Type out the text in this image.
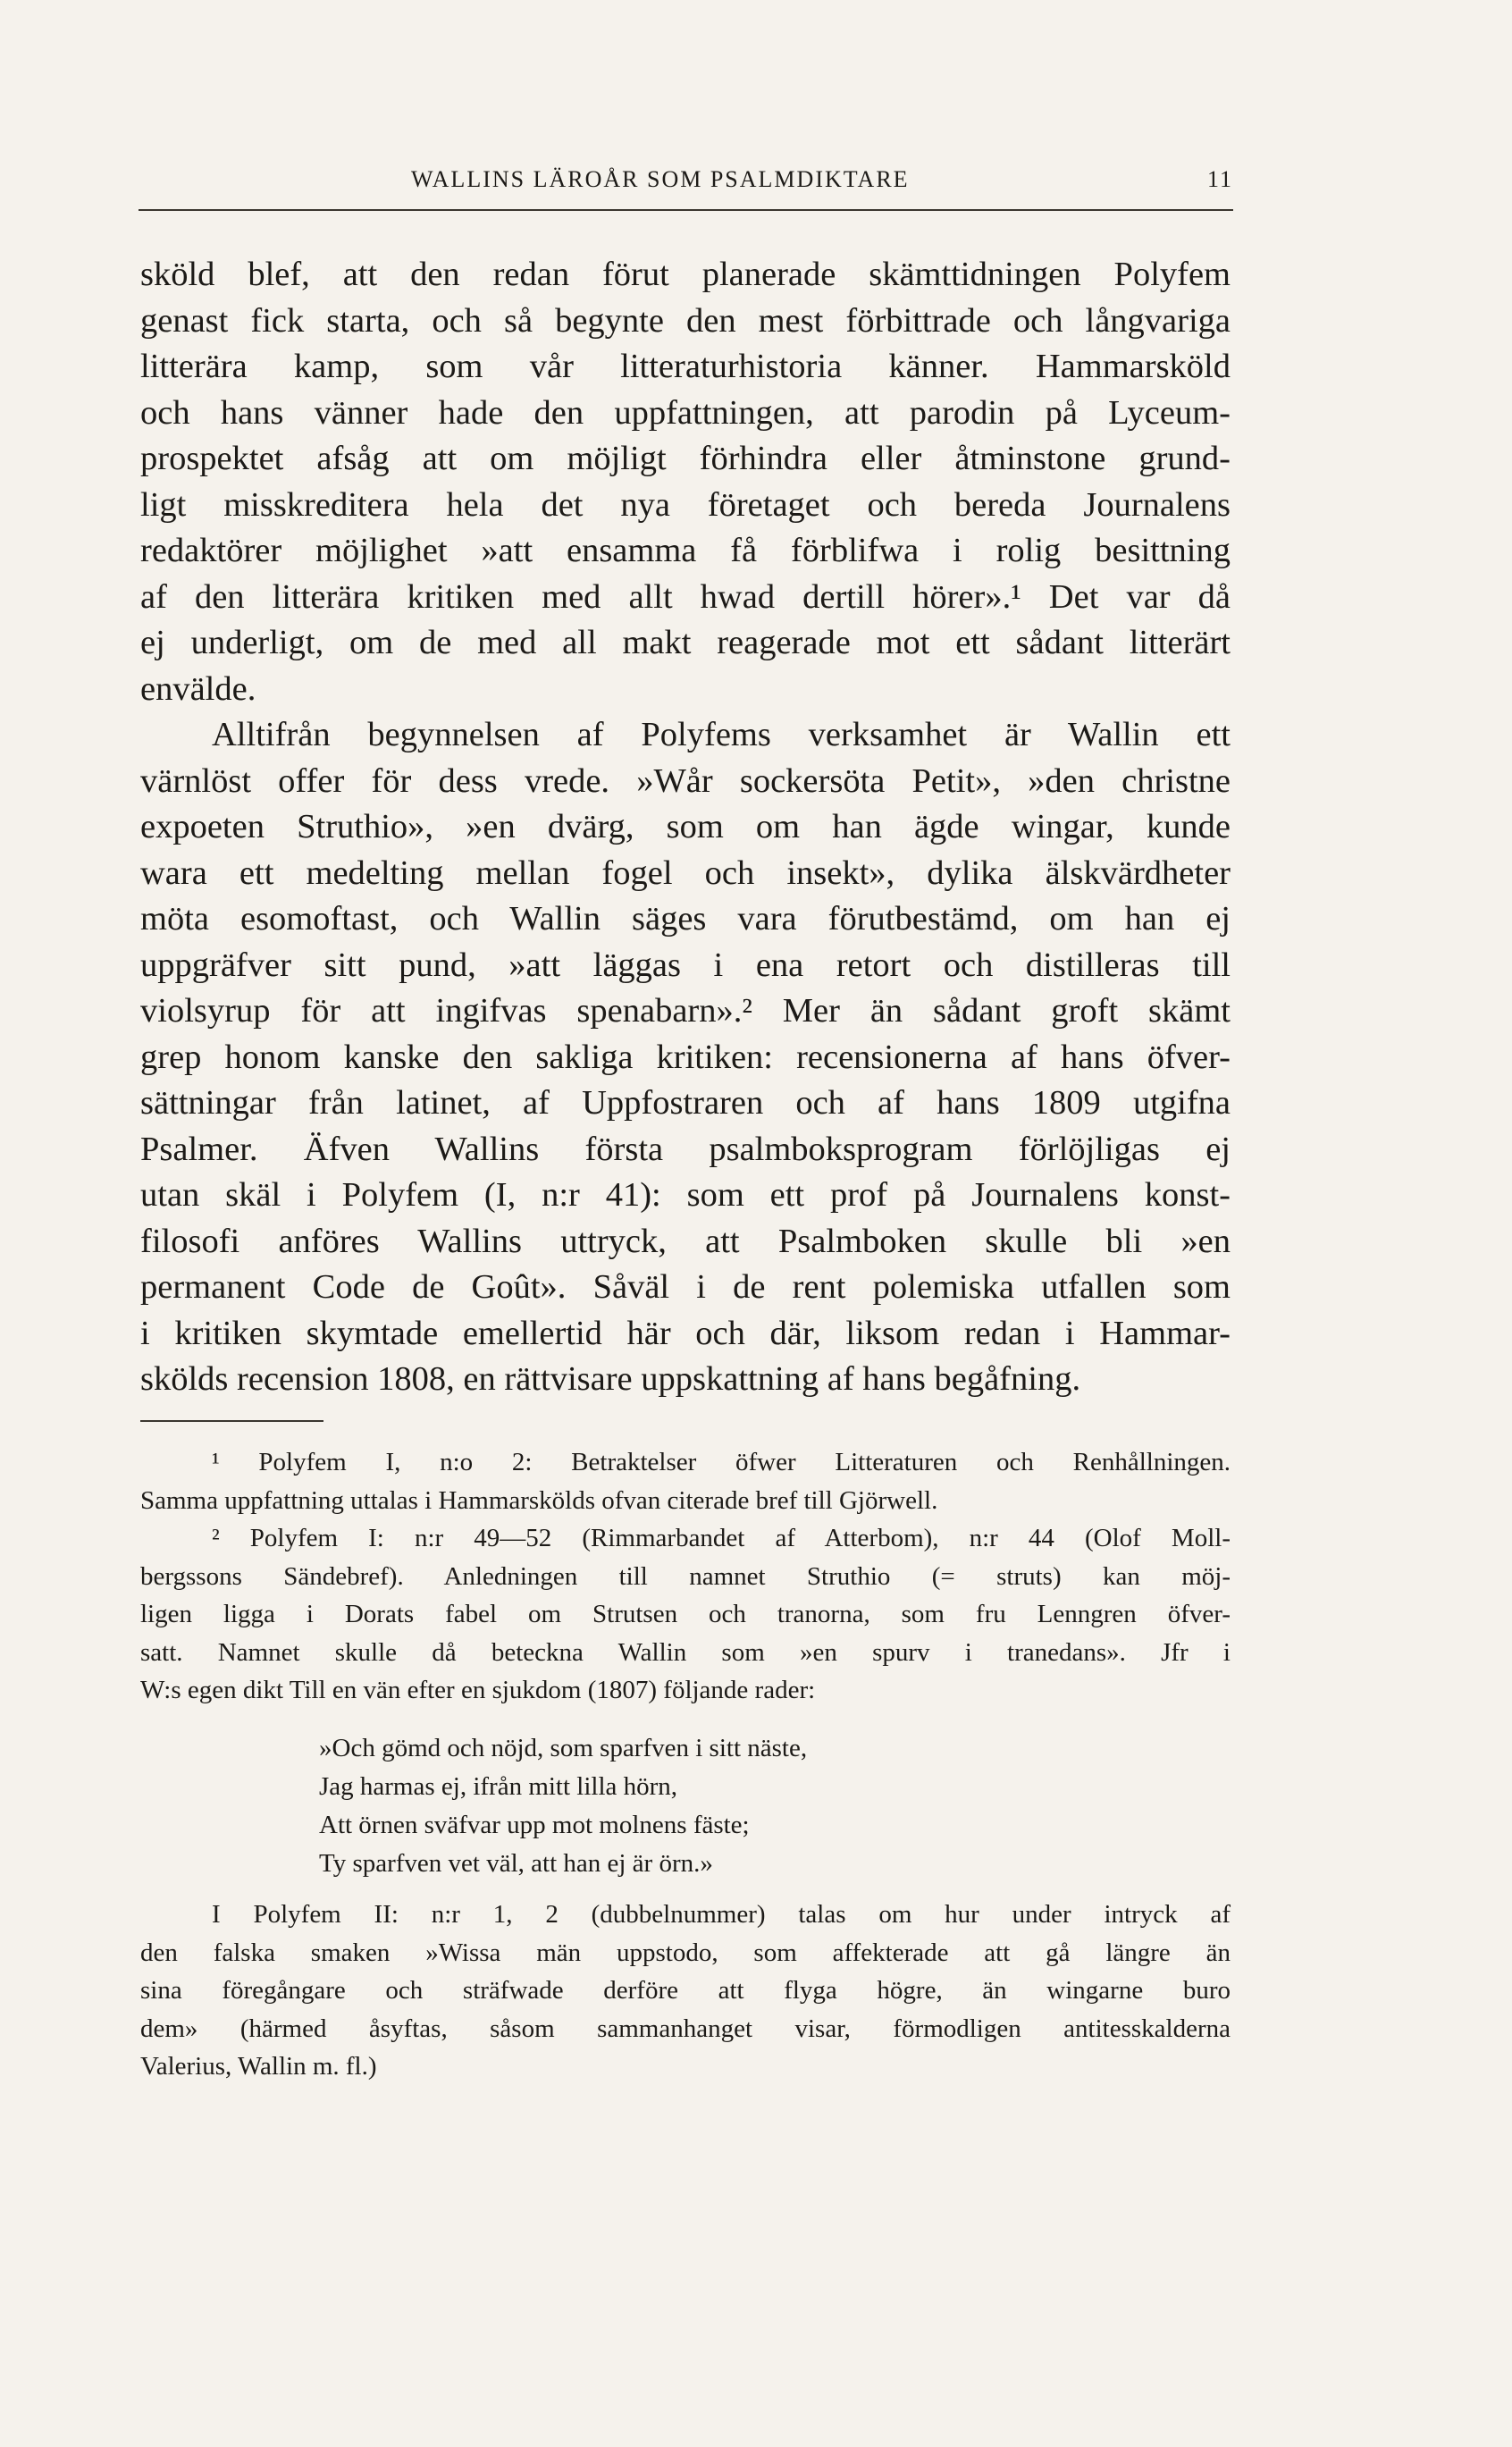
WALLINS LÄROÅR SOM PSALMDIKTARE	11
sköld blef, att den redan förut planerade skämttidningen Polyfem
genast fick starta, och så begynte den mest förbittrade och långvariga
litterära kamp, som vår litteraturhistoria känner. Hammarsköld
och hans vänner hade den uppfattningen, att parodin på Lyceum-
prospektet afsåg att om möjligt förhindra eller åtminstone grund-
ligt misskreditera hela det nya företaget och bereda Journalens
redaktörer möjlighet »att ensamma få förblifwa i rolig besittning
af den litterära kritiken med allt hwad dertill hörer».¹ Det var då
ej underligt, om de med all makt reagerade mot ett sådant litterärt
envälde.
Alltifrån begynnelsen af Polyfems verksamhet är Wallin ett
värnlöst offer för dess vrede. »Wår sockersöta Petit», »den christne
expoeten Struthio», »en dvärg, som om han ägde wingar, kunde
wara ett medelting mellan fogel och insekt», dylika älskvärdheter
möta esomoftast, och Wallin säges vara förutbestämd, om han ej
uppgräfver sitt pund, »att läggas i ena retort och distilleras till
violsyrup för att ingifvas spenabarn».² Mer än sådant groft skämt
grep honom kanske den sakliga kritiken: recensionerna af hans öfver-
sättningar från latinet, af Uppfostraren och af hans 1809 utgifna
Psalmer. Äfven Wallins första psalmboksprogram förlöjligas ej
utan skäl i Polyfem (I, n:r 41): som ett prof på Journalens konst-
filosofi anföres Wallins uttryck, att Psalmboken skulle bli »en
permanent Code de Goût». Såväl i de rent polemiska utfallen som
i kritiken skymtade emellertid här och där, liksom redan i Hammar-
skölds recension 1808, en rättvisare uppskattning af hans begåfning.
¹ Polyfem I, n:o 2: Betraktelser öfwer Litteraturen och Renhållningen.
Samma uppfattning uttalas i Hammarskölds ofvan citerade bref till Gjörwell.
² Polyfem I: n:r 49—52 (Rimmarbandet af Atterbom), n:r 44 (Olof Moll-
bergssons Sändebref). Anledningen till namnet Struthio (= struts) kan möj-
ligen ligga i Dorats fabel om Strutsen och tranorna, som fru Lenngren öfver-
satt. Namnet skulle då beteckna Wallin som »en spurv i tranedans». Jfr i
W:s egen dikt Till en vän efter en sjukdom (1807) följande rader:
»Och gömd och nöjd, som sparfven i sitt näste,
Jag harmas ej, ifrån mitt lilla hörn,
Att örnen sväfvar upp mot molnens fäste;
Ty sparfven vet väl, att han ej är örn.»
I Polyfem II: n:r 1, 2 (dubbelnummer) talas om hur under intryck af
den falska smaken »Wissa män uppstodo, som affekterade att gå längre än
sina föregångare och sträfwade derföre att flyga högre, än wingarne buro
dem» (härmed åsyftas, såsom sammanhanget visar, förmodligen antitesskalderna
Valerius, Wallin m. fl.)
